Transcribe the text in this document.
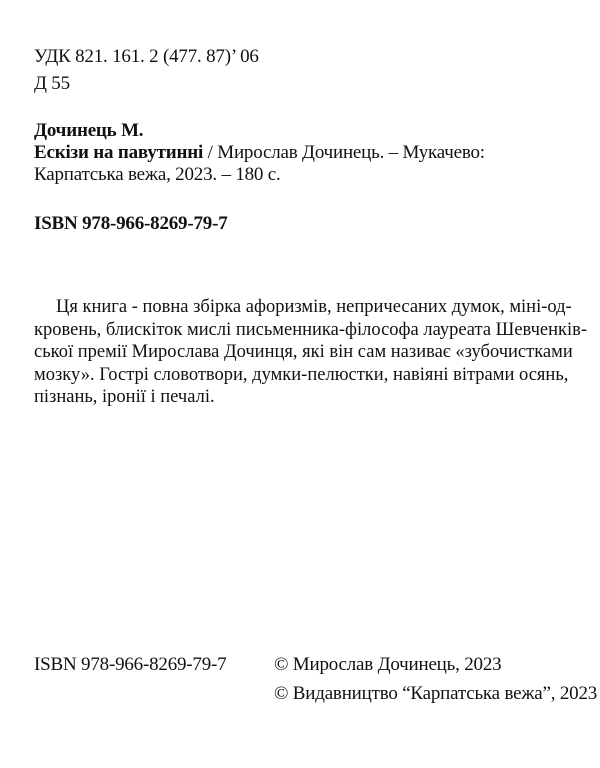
УДК 821. 161. 2 (477. 87)’ 06
Д 55
Дочинець М.
Ескізи на павутинні / Мирослав Дочинець. – Мукачево:
Карпатська вежа, 2023. – 180 с.
ISBN 978-966-8269-79-7
Ця книга - повна збірка афоризмів, непричесаних думок, міні-од-
кровень, блискіток мислі письменника-філософа лауреата Шевченків-
ської премії Мирослава Дочинця, які він сам називає «зубочистками
мозку». Гострі словотвори, думки-пелюстки, навіяні вітрами осянь,
пізнань, іронії і печалі.
ISBN 978-966-8269-79-7	© Мирослав Дочинець, 2023
© Видавництво “Карпатська вежа”, 2023
